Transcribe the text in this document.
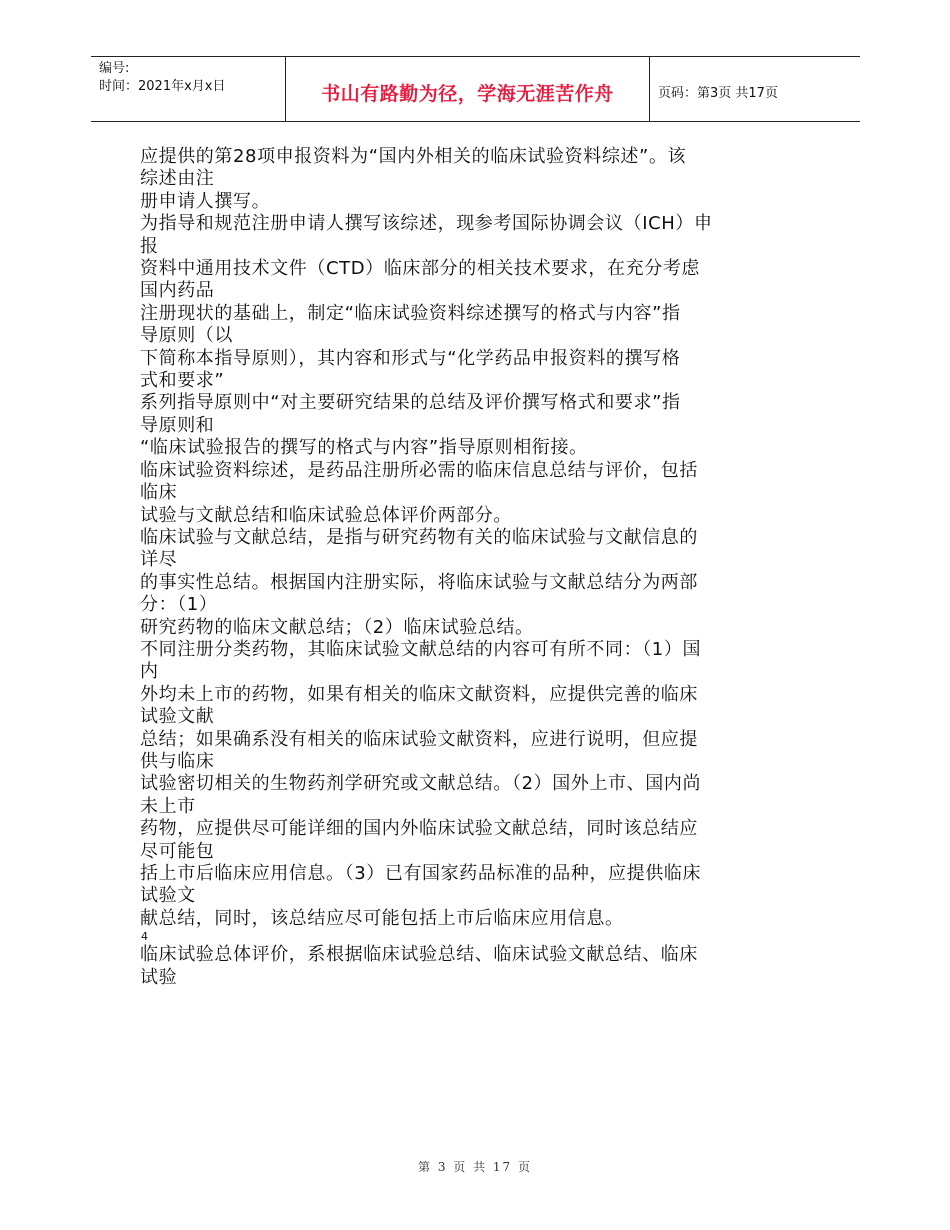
编号:
时间：2021年x月x日	书山有路勤为径，学海无涯苦作舟	页码：第3页 共17页
应提供的第28项申报资料为“国内外相关的临床试验资料综述”。该
综述由注
册申请人撰写。
为指导和规范注册申请人撰写该综述，现参考国际协调会议（ICH）申
报
资料中通用技术文件（CTD）临床部分的相关技术要求，在充分考虑
国内药品
注册现状的基础上，制定“临床试验资料综述撰写的格式与内容”指
导原则（以
下简称本指导原则），其内容和形式与“化学药品申报资料的撰写格
式和要求”
系列指导原则中“对主要研究结果的总结及评价撰写格式和要求”指
导原则和
“临床试验报告的撰写的格式与内容”指导原则相衔接。
临床试验资料综述，是药品注册所必需的临床信息总结与评价，包括
临床
试验与文献总结和临床试验总体评价两部分。
临床试验与文献总结，是指与研究药物有关的临床试验与文献信息的
详尽
的事实性总结。根据国内注册实际，将临床试验与文献总结分为两部
分：（1）
研究药物的临床文献总结；（2）临床试验总结。
不同注册分类药物，其临床试验文献总结的内容可有所不同：（1）国
内
外均未上市的药物，如果有相关的临床文献资料，应提供完善的临床
试验文献
总结；如果确系没有相关的临床试验文献资料，应进行说明，但应提
供与临床
试验密切相关的生物药剂学研究或文献总结。（2）国外上市、国内尚
未上市
药物，应提供尽可能详细的国内外临床试验文献总结，同时该总结应
尽可能包
括上市后临床应用信息。（3）已有国家药品标准的品种，应提供临床
试验文
献总结，同时，该总结应尽可能包括上市后临床应用信息。
4
临床试验总体评价，系根据临床试验总结、临床试验文献总结、临床
试验
第 3 页 共 17 页
